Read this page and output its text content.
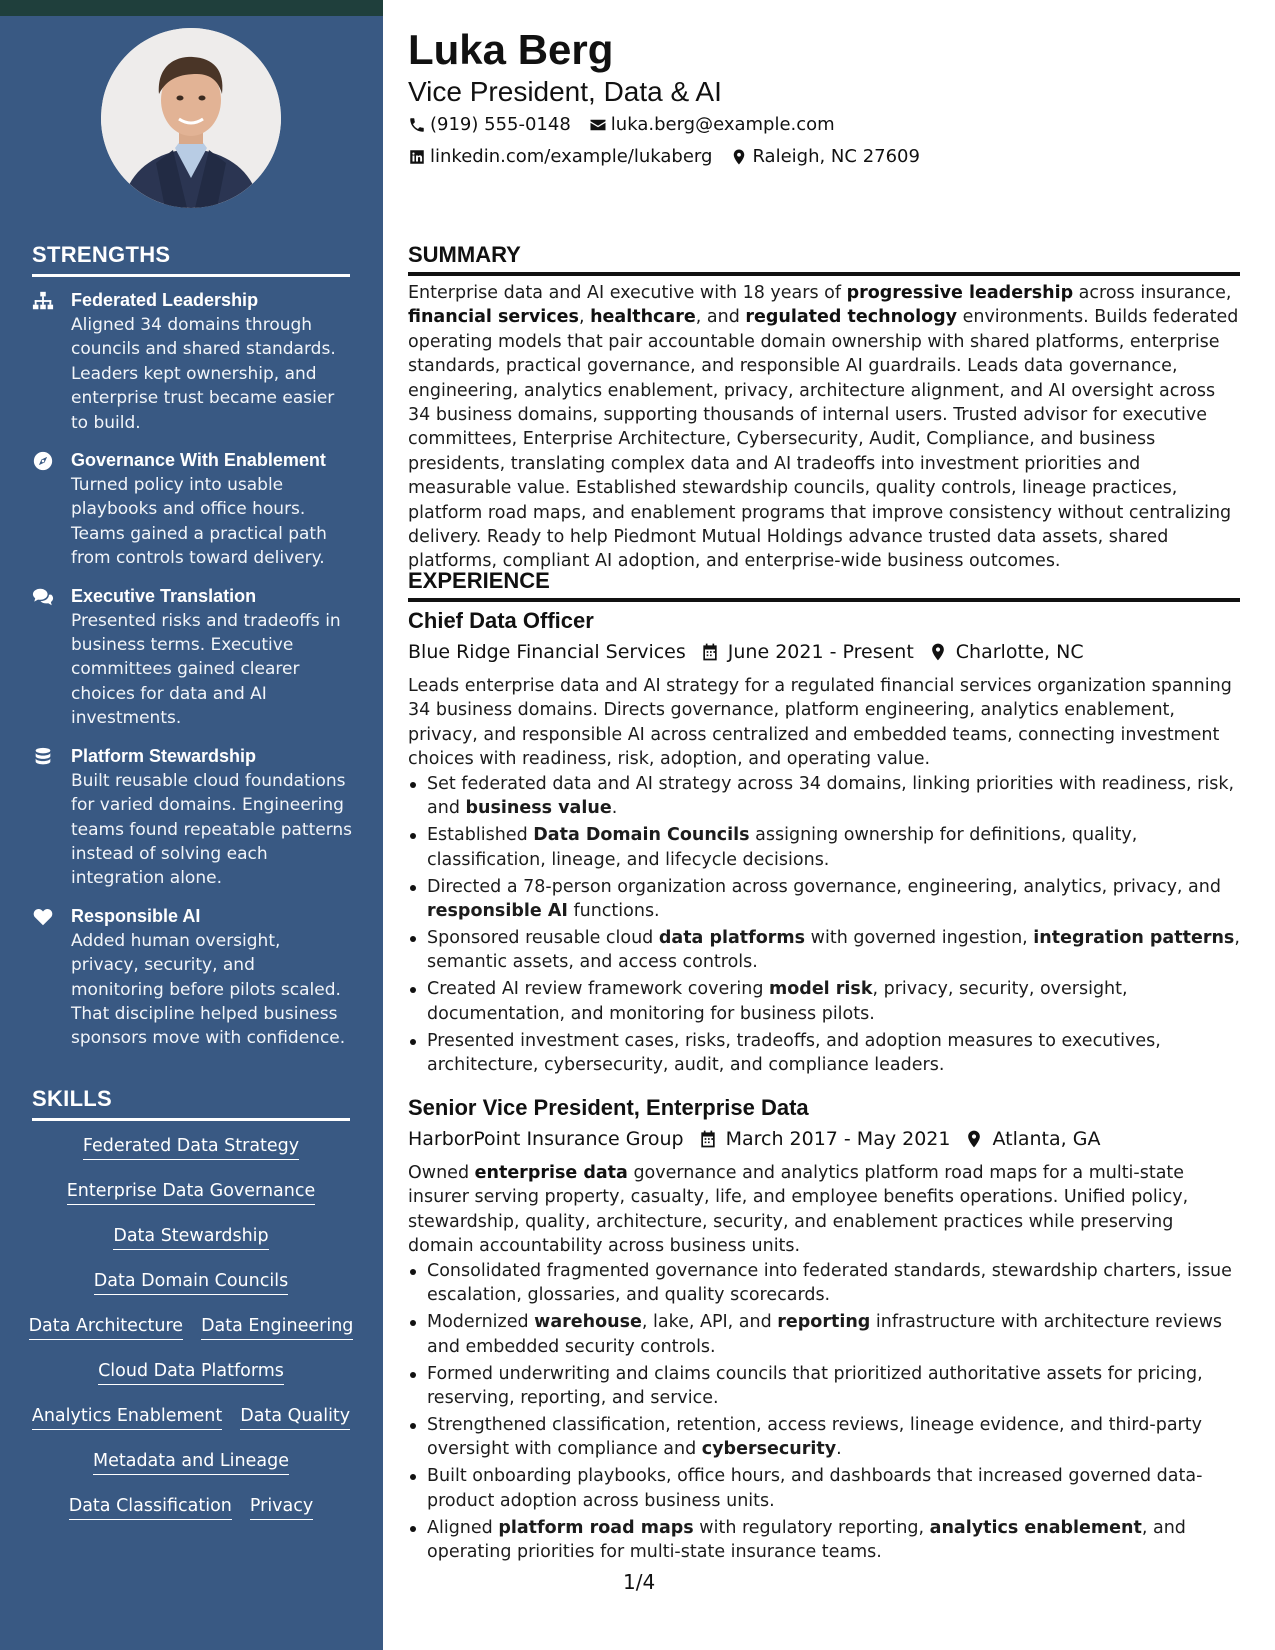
STRENGTHS
Federated Leadership
Aligned 34 domains through councils and shared standards. Leaders kept ownership, and enterprise trust became easier to build.
Governance With Enablement
Turned policy into usable playbooks and office hours. Teams gained a practical path from controls toward delivery.
Executive Translation
Presented risks and tradeoffs in business terms. Executive committees gained clearer choices for data and AI investments.
Platform Stewardship
Built reusable cloud foundations for varied domains. Engineering teams found repeatable patterns instead of solving each integration alone.
Responsible AI
Added human oversight, privacy, security, and monitoring before pilots scaled. That discipline helped business sponsors move with confidence.
SKILLS
Federated Data Strategy
Enterprise Data Governance
Data Stewardship
Data Domain Councils
Data Architecture Data Engineering
Cloud Data Platforms
Analytics Enablement Data Quality
Metadata and Lineage
Data Classification Privacy
Luka Berg
Vice President, Data & AI
(919) 555-0148 luka.berg@example.com
linkedin.com/example/lukaberg Raleigh, NC 27609
SUMMARY
Enterprise data and AI executive with 18 years of progressive leadership across insurance, financial services, healthcare, and regulated technology environments. Builds federated operating models that pair accountable domain ownership with shared platforms, enterprise standards, practical governance, and responsible AI guardrails. Leads data governance, engineering, analytics enablement, privacy, architecture alignment, and AI oversight across 34 business domains, supporting thousands of internal users. Trusted advisor for executive committees, Enterprise Architecture, Cybersecurity, Audit, Compliance, and business presidents, translating complex data and AI tradeoffs into investment priorities and measurable value. Established stewardship councils, quality controls, lineage practices, platform road maps, and enablement programs that improve consistency without centralizing delivery. Ready to help Piedmont Mutual Holdings advance trusted data assets, shared platforms, compliant AI adoption, and enterprise-wide business outcomes.
EXPERIENCE
Chief Data Officer
Blue Ridge Financial Services June 2021 - Present Charlotte, NC
Leads enterprise data and AI strategy for a regulated financial services organization spanning 34 business domains. Directs governance, platform engineering, analytics enablement, privacy, and responsible AI across centralized and embedded teams, connecting investment choices with readiness, risk, adoption, and operating value.
Set federated data and AI strategy across 34 domains, linking priorities with readiness, risk, and business value.
Established Data Domain Councils assigning ownership for definitions, quality, classification, lineage, and lifecycle decisions.
Directed a 78-person organization across governance, engineering, analytics, privacy, and responsible AI functions.
Sponsored reusable cloud data platforms with governed ingestion, integration patterns, semantic assets, and access controls.
Created AI review framework covering model risk, privacy, security, oversight, documentation, and monitoring for business pilots.
Presented investment cases, risks, tradeoffs, and adoption measures to executives, architecture, cybersecurity, audit, and compliance leaders.
Senior Vice President, Enterprise Data
HarborPoint Insurance Group March 2017 - May 2021 Atlanta, GA
Owned enterprise data governance and analytics platform road maps for a multi-state insurer serving property, casualty, life, and employee benefits operations. Unified policy, stewardship, quality, architecture, security, and enablement practices while preserving domain accountability across business units.
Consolidated fragmented governance into federated standards, stewardship charters, issue escalation, glossaries, and quality scorecards.
Modernized warehouse, lake, API, and reporting infrastructure with architecture reviews and embedded security controls.
Formed underwriting and claims councils that prioritized authoritative assets for pricing, reserving, reporting, and service.
Strengthened classification, retention, access reviews, lineage evidence, and third-party oversight with compliance and cybersecurity.
Built onboarding playbooks, office hours, and dashboards that increased governed data-product adoption across business units.
Aligned platform road maps with regulatory reporting, analytics enablement, and operating priorities for multi-state insurance teams.
1/4
